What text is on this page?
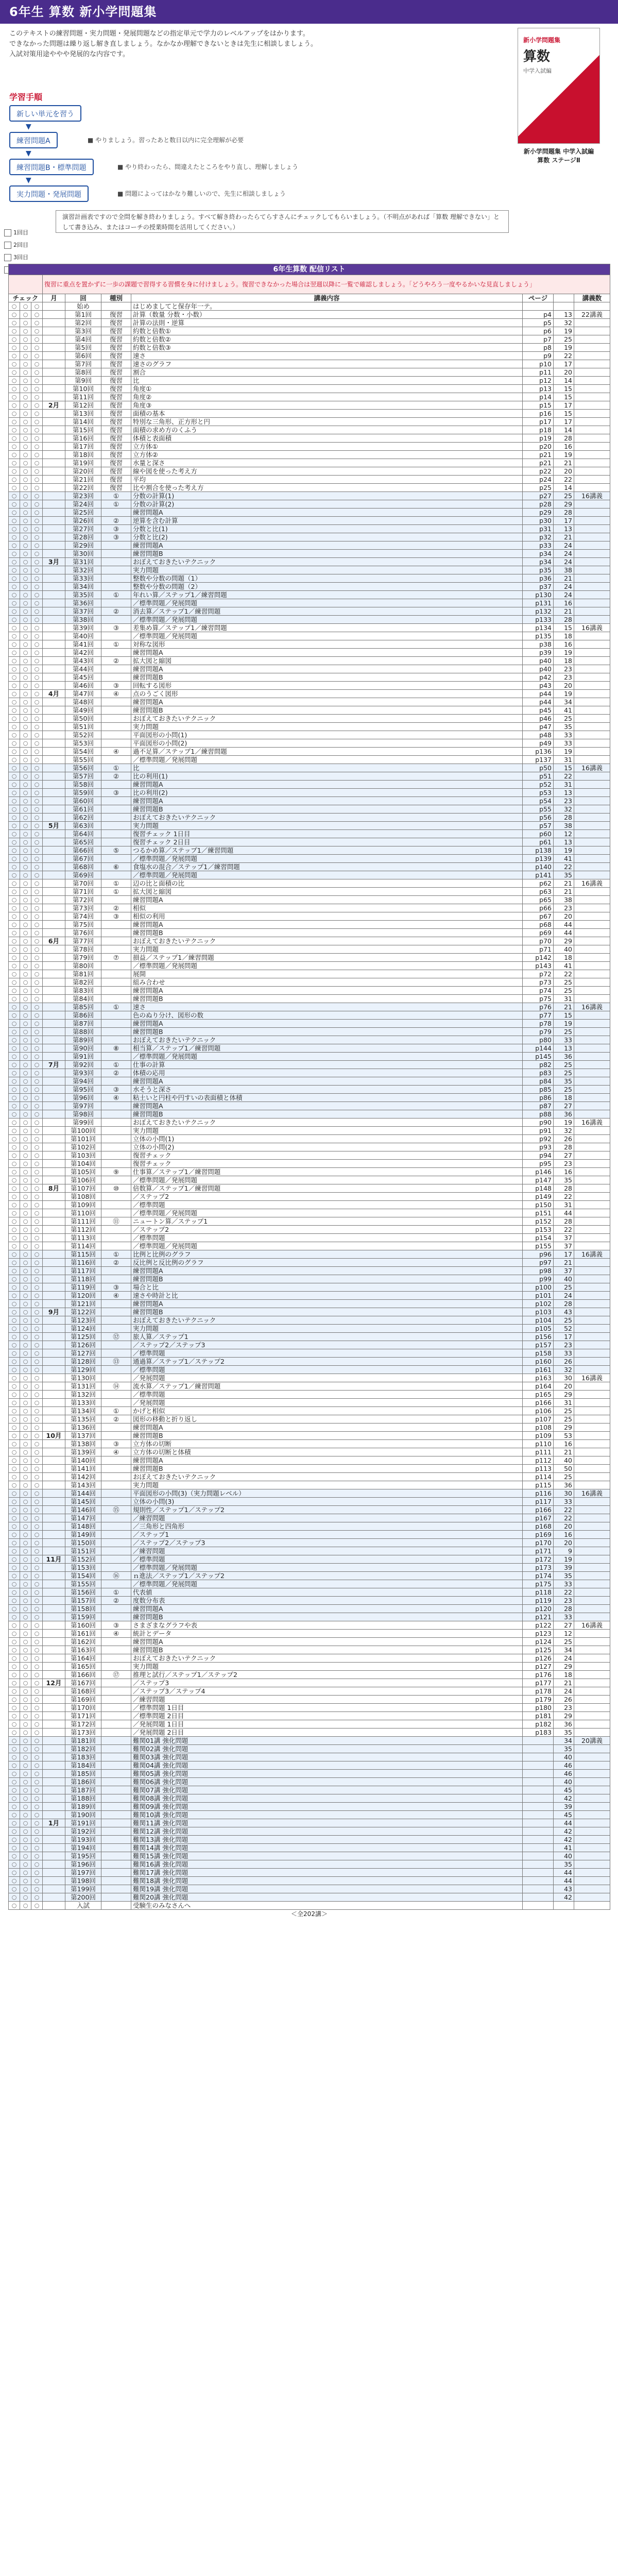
6年生 算数 新小学問題集

このテキストの練習問題・実力問題・発展問題などの指定単元で学力のレベルアップをはかります。

できなかった問題は繰り返し解き直しましょう。なかなか理解できないときは先生に相談しましょう。

入試対策用途ややや発展的な内容です。

新小学問題集
算数
中学入試編
新小学問題集 中学入試編
算数 ステージⅡ
学習手順
新しい単元を習う
▼
練習問題A	■ やりましょう。習ったあと数日以内に完全理解が必要
▼
練習問題B・標準問題	■ やり終わったら、間違えたところをやり直し、理解しましょう
▼
実力問題・発展問題	■ 問題によってはかなり難しいので、先生に相談しましょう
演習計画表ですので全問を解き終わりましょう。すべて解き終わったらてらすさんにチェックしてもらいましょう。（不明点があれば「算数 理解できない」として書き込み、またはコーチの授業時間を活用してください。）
1回目
2回目
3回目
6年生算数 配信リスト									
			復習に重点を置かずに一歩の課題で習得する習慣を身に付けましょう。復習できなかった場合は翌週以降に一覧で確認しましょう。「どうやろう一度やるかいな見直しましょう」						
チェック			月	回	種別	講義内容	ページ		講義数
○	○	○		始め		はじめましてと保存年一テ。			
○	○	○		第1回	復習	計算（数量 分数・小数）	p4	13	22講義
○	○	○		第2回	復習	計算の法則・逆算	p5	32	
○	○	○		第3回	復習	約数と倍数①	p6	19	
○	○	○		第4回	復習	約数と倍数②	p7	25	
○	○	○		第5回	復習	約数と倍数③	p8	19	
○	○	○		第6回	復習	速さ	p9	22	
○	○	○		第7回	復習	速さのグラフ	p10	17	
○	○	○		第8回	復習	割合	p11	20	
○	○	○		第9回	復習	比	p12	14	
○	○	○		第10回	復習	角度①	p13	15	
○	○	○		第11回	復習	角度②	p14	15	
○	○	○	2月	第12回	復習	角度③	p15	17	
○	○	○		第13回	復習	面積の基本	p16	15	
○	○	○		第14回	復習	特別な三角形、正方形と円	p17	17	
○	○	○		第15回	復習	面積の求め方のくふう	p18	14	
○	○	○		第16回	復習	体積と表面積	p19	28	
○	○	○		第17回	復習	立方体①	p20	16	
○	○	○		第18回	復習	立方体②	p21	19	
○	○	○		第19回	復習	水量と深さ	p21	21	
○	○	○		第20回	復習	線や図を使った考え方	p22	20	
○	○	○		第21回	復習	平均	p24	22	
○	○	○		第22回	復習	比や割合を使った考え方	p25	14	
○	○	○		第23回	①	分数の計算(1)	p27	25	16講義
○	○	○		第24回	①	分数の計算(2)	p28	29	
○	○	○		第25回		練習問題A	p29	28	
○	○	○		第26回	②	逆算を含む計算	p30	17	
○	○	○		第27回	③	分数と比(1)	p31	13	
○	○	○		第28回	③	分数と比(2)	p32	21	
○	○	○		第29回		練習問題A	p33	24	
○	○	○		第30回		練習問題B	p34	24	
○	○	○	3月	第31回		おぼえておきたいテクニック	p34	24	
○	○	○		第32回		実力問題	p35	38	
○	○	○		第33回		整数や分数の問題（1）	p36	21	
○	○	○		第34回		整数や分数の問題（2）	p37	24	
○	○	○		第35回	①	年れい算／ステップ1／練習問題	p130	24	
○	○	○		第36回		／標準問題／発展問題	p131	16	
○	○	○		第37回	②	消去算／ステップ1／練習問題	p132	21	
○	○	○		第38回		／標準問題／発展問題	p133	28	
○	○	○		第39回	③	差集め算／ステップ1／練習問題	p134	15	16講義
○	○	○		第40回		／標準問題／発展問題	p135	18	
○	○	○		第41回	①	対称な図形	p38	16	
○	○	○		第42回		練習問題A	p39	19	
○	○	○		第43回	②	拡大図と縮図	p40	18	
○	○	○		第44回		練習問題A	p40	23	
○	○	○		第45回		練習問題B	p42	23	
○	○	○		第46回	③	回転する図形	p43	20	
○	○	○	4月	第47回	④	点のうごく図形	p44	19	
○	○	○		第48回		練習問題A	p44	34	
○	○	○		第49回		練習問題B	p45	41	
○	○	○		第50回		おぼえておきたいテクニック	p46	25	
○	○	○		第51回		実力問題	p47	35	
○	○	○		第52回		平面図形の小問(1)	p48	33	
○	○	○		第53回		平面図形の小問(2)	p49	33	
○	○	○		第54回	④	過不足算／ステップ1／練習問題	p136	19	
○	○	○		第55回		／標準問題／発展問題	p137	31	
○	○	○		第56回	①	比	p50	15	16講義
○	○	○		第57回	②	比の利用(1)	p51	22	
○	○	○		第58回		練習問題A	p52	31	
○	○	○		第59回	③	比の利用(2)	p53	13	
○	○	○		第60回		練習問題A	p54	23	
○	○	○		第61回		練習問題B	p55	32	
○	○	○		第62回		おぼえておきたいテクニック	p56	28	
○	○	○	5月	第63回		実力問題	p57	38	
○	○	○		第64回		復習チェック 1日目	p60	12	
○	○	○		第65回		復習チェック 2日目	p61	13	
○	○	○		第66回	⑤	つるかめ算／ステップ1／練習問題	p138	19	
○	○	○		第67回		／標準問題／発展問題	p139	41	
○	○	○		第68回	⑥	食塩水の混合／ステップ1／練習問題	p140	22	
○	○	○		第69回		／標準問題／発展問題	p141	35	
○	○	○		第70回	①	辺の比と面積の比	p62	21	16講義
○	○	○		第71回	①	拡大図と縮図	p63	21	
○	○	○		第72回		練習問題A	p65	38	
○	○	○		第73回	②	相似	p66	23	
○	○	○		第74回	③	相似の利用	p67	20	
○	○	○		第75回		練習問題A	p68	44	
○	○	○		第76回		練習問題B	p69	44	
○	○	○	6月	第77回		おぼえておきたいテクニック	p70	29	
○	○	○		第78回		実力問題	p71	40	
○	○	○		第79回	⑦	損益／ステップ1／練習問題	p142	18	
○	○	○		第80回		／標準問題／発展問題	p143	41	
○	○	○		第81回		展開	p72	22	
○	○	○		第82回		組み合わせ	p73	25	
○	○	○		第83回		練習問題A	p74	25	
○	○	○		第84回		練習問題B	p75	31	
○	○	○		第85回	①	速さ	p76	21	16講義
○	○	○		第86回		色のぬり分け、図形の数	p77	15	
○	○	○		第87回		練習問題A	p78	19	
○	○	○		第88回		練習問題B	p79	25	
○	○	○		第89回		おぼえておきたいテクニック	p80	33	
○	○	○		第90回	⑧	相当算／ステップ1／練習問題	p144	13	
○	○	○		第91回		／標準問題／発展問題	p145	36	
○	○	○	7月	第92回	①	仕事の計算	p82	25	
○	○	○		第93回	②	体積の応用	p83	25	
○	○	○		第94回		練習問題A	p84	35	
○	○	○		第95回	③	水そうと深さ	p85	25	
○	○	○		第96回	④	粘土いと円柱や円すいの表面積と体積	p86	18	
○	○	○		第97回		練習問題A	p87	27	
○	○	○		第98回		練習問題B	p88	36	
○	○	○		第99回		おぼえておきたいテクニック	p90	19	16講義
○	○	○		第100回		実力問題	p91	32	
○	○	○		第101回		立体の小問(1)	p92	26	
○	○	○		第102回		立体の小問(2)	p93	28	
○	○	○		第103回		復習チェック	p94	27	
○	○	○		第104回		復習チェック	p95	23	
○	○	○		第105回	⑨	仕事算／ステップ1／練習問題	p146	16	
○	○	○		第106回		／標準問題／発展問題	p147	35	
○	○	○	8月	第107回	⑩	倍数算／ステップ1／練習問題	p148	28	
○	○	○		第108回		／ステップ2	p149	22	
○	○	○		第109回		／標準問題	p150	31	
○	○	○		第110回		／標準問題／発展問題	p151	44	
○	○	○		第111回	⑪	ニュートン算／ステップ1	p152	28	
○	○	○		第112回		／ステップ2	p153	22	
○	○	○		第113回		／標準問題	p154	37	
○	○	○		第114回		／標準問題／発展問題	p155	37	
○	○	○		第115回	①	比例と比例のグラフ	p96	17	16講義
○	○	○		第116回	②	反比例と反比例のグラフ	p97	21	
○	○	○		第117回		練習問題A	p98	37	
○	○	○		第118回		練習問題B	p99	40	
○	○	○		第119回	③	場合と比	p100	25	
○	○	○		第120回	④	速さや時計と比	p101	24	
○	○	○		第121回		練習問題A	p102	28	
○	○	○	9月	第122回		練習問題B	p103	43	
○	○	○		第123回		おぼえておきたいテクニック	p104	25	
○	○	○		第124回		実力問題	p105	52	
○	○	○		第125回	⑫	旅人算／ステップ1	p156	17	
○	○	○		第126回		／ステップ2／ステップ3	p157	23	
○	○	○		第127回		／標準問題	p158	33	
○	○	○		第128回	⑬	通過算／ステップ1／ステップ2	p160	26	
○	○	○		第129回		／標準問題	p161	32	
○	○	○		第130回		／発展問題	p163	30	16講義
○	○	○		第131回	⑭	流水算／ステップ1／練習問題	p164	20	
○	○	○		第132回		／標準問題	p165	29	
○	○	○		第133回		／発展問題	p166	31	
○	○	○		第134回	①	かげと相似	p106	25	
○	○	○		第135回	②	図形の移動と折り返し	p107	25	
○	○	○		第136回		練習問題A	p108	29	
○	○	○	10月	第137回		練習問題B	p109	53	
○	○	○		第138回	③	立方体の切断	p110	16	
○	○	○		第139回	④	立方体の切断と体積	p111	21	
○	○	○		第140回		練習問題A	p112	40	
○	○	○		第141回		練習問題B	p113	50	
○	○	○		第142回		おぼえておきたいテクニック	p114	25	
○	○	○		第143回		実力問題	p115	36	
○	○	○		第144回		平面図形の小問(3)（実力問題レベル）	p116	30	16講義
○	○	○		第145回		立体の小問(3)	p117	33	
○	○	○		第146回	⑮	規則性／ステップ1／ステップ2	p166	22	
○	○	○		第147回		／練習問題	p167	22	
○	○	○		第148回		／三角形と四角形	p168	20	
○	○	○		第149回		／ステップ1	p169	16	
○	○	○		第150回		／ステップ2／ステップ3	p170	20	
○	○	○		第151回		／練習問題	p171	9	
○	○	○	11月	第152回		／標準問題	p172	19	
○	○	○		第153回		／標準問題／発展問題	p173	39	
○	○	○		第154回	⑯	ｎ進法／ステップ1／ステップ2	p174	35	
○	○	○		第155回		／標準問題／発展問題	p175	33	
○	○	○		第156回	①	代表値	p118	22	
○	○	○		第157回	②	度数分布表	p119	23	
○	○	○		第158回		練習問題A	p120	28	
○	○	○		第159回		練習問題B	p121	33	
○	○	○		第160回	③	さまざまなグラフや表	p122	27	16講義
○	○	○		第161回	④	統計とデータ	p123	12	
○	○	○		第162回		練習問題A	p124	25	
○	○	○		第163回		練習問題B	p125	34	
○	○	○		第164回		おぼえておきたいテクニック	p126	24	
○	○	○		第165回		実力問題	p127	29	
○	○	○		第166回	⑰	推理と試行／ステップ1／ステップ2	p176	18	
○	○	○	12月	第167回		／ステップ3	p177	21	
○	○	○		第168回		／ステップ3／ステップ4	p178	24	
○	○	○		第169回		／練習問題	p179	26	
○	○	○		第170回		／標準問題 1日目	p180	23	
○	○	○		第171回		／標準問題 2日目	p181	29	
○	○	○		第172回		／発展問題 1日目	p182	36	
○	○	○		第173回		／発展問題 2日目	p183	35	
○	○	○		第181回		難関01講 強化問題		34	20講義
○	○	○		第182回		難関02講 強化問題		35	
○	○	○		第183回		難関03講 強化問題		40	
○	○	○		第184回		難関04講 強化問題		46	
○	○	○		第185回		難関05講 強化問題		46	
○	○	○		第186回		難関06講 強化問題		40	
○	○	○		第187回		難関07講 強化問題		45	
○	○	○		第188回		難関08講 強化問題		42	
○	○	○		第189回		難関09講 強化問題		39	
○	○	○		第190回		難関10講 強化問題		45	
○	○	○	1月	第191回		難関11講 強化問題		44	
○	○	○		第192回		難関12講 強化問題		42	
○	○	○		第193回		難関13講 強化問題		42	
○	○	○		第194回		難関14講 強化問題		41	
○	○	○		第195回		難関15講 強化問題		40	
○	○	○		第196回		難関16講 強化問題		35	
○	○	○		第197回		難関17講 強化問題		44	
○	○	○		第198回		難関18講 強化問題		44	
○	○	○		第199回		難関19講 強化問題		43	
○	○	○		第200回		難関20講 強化問題		42	
○	○	○		入試		受験生のみなさんへ			
＜全202講＞									
